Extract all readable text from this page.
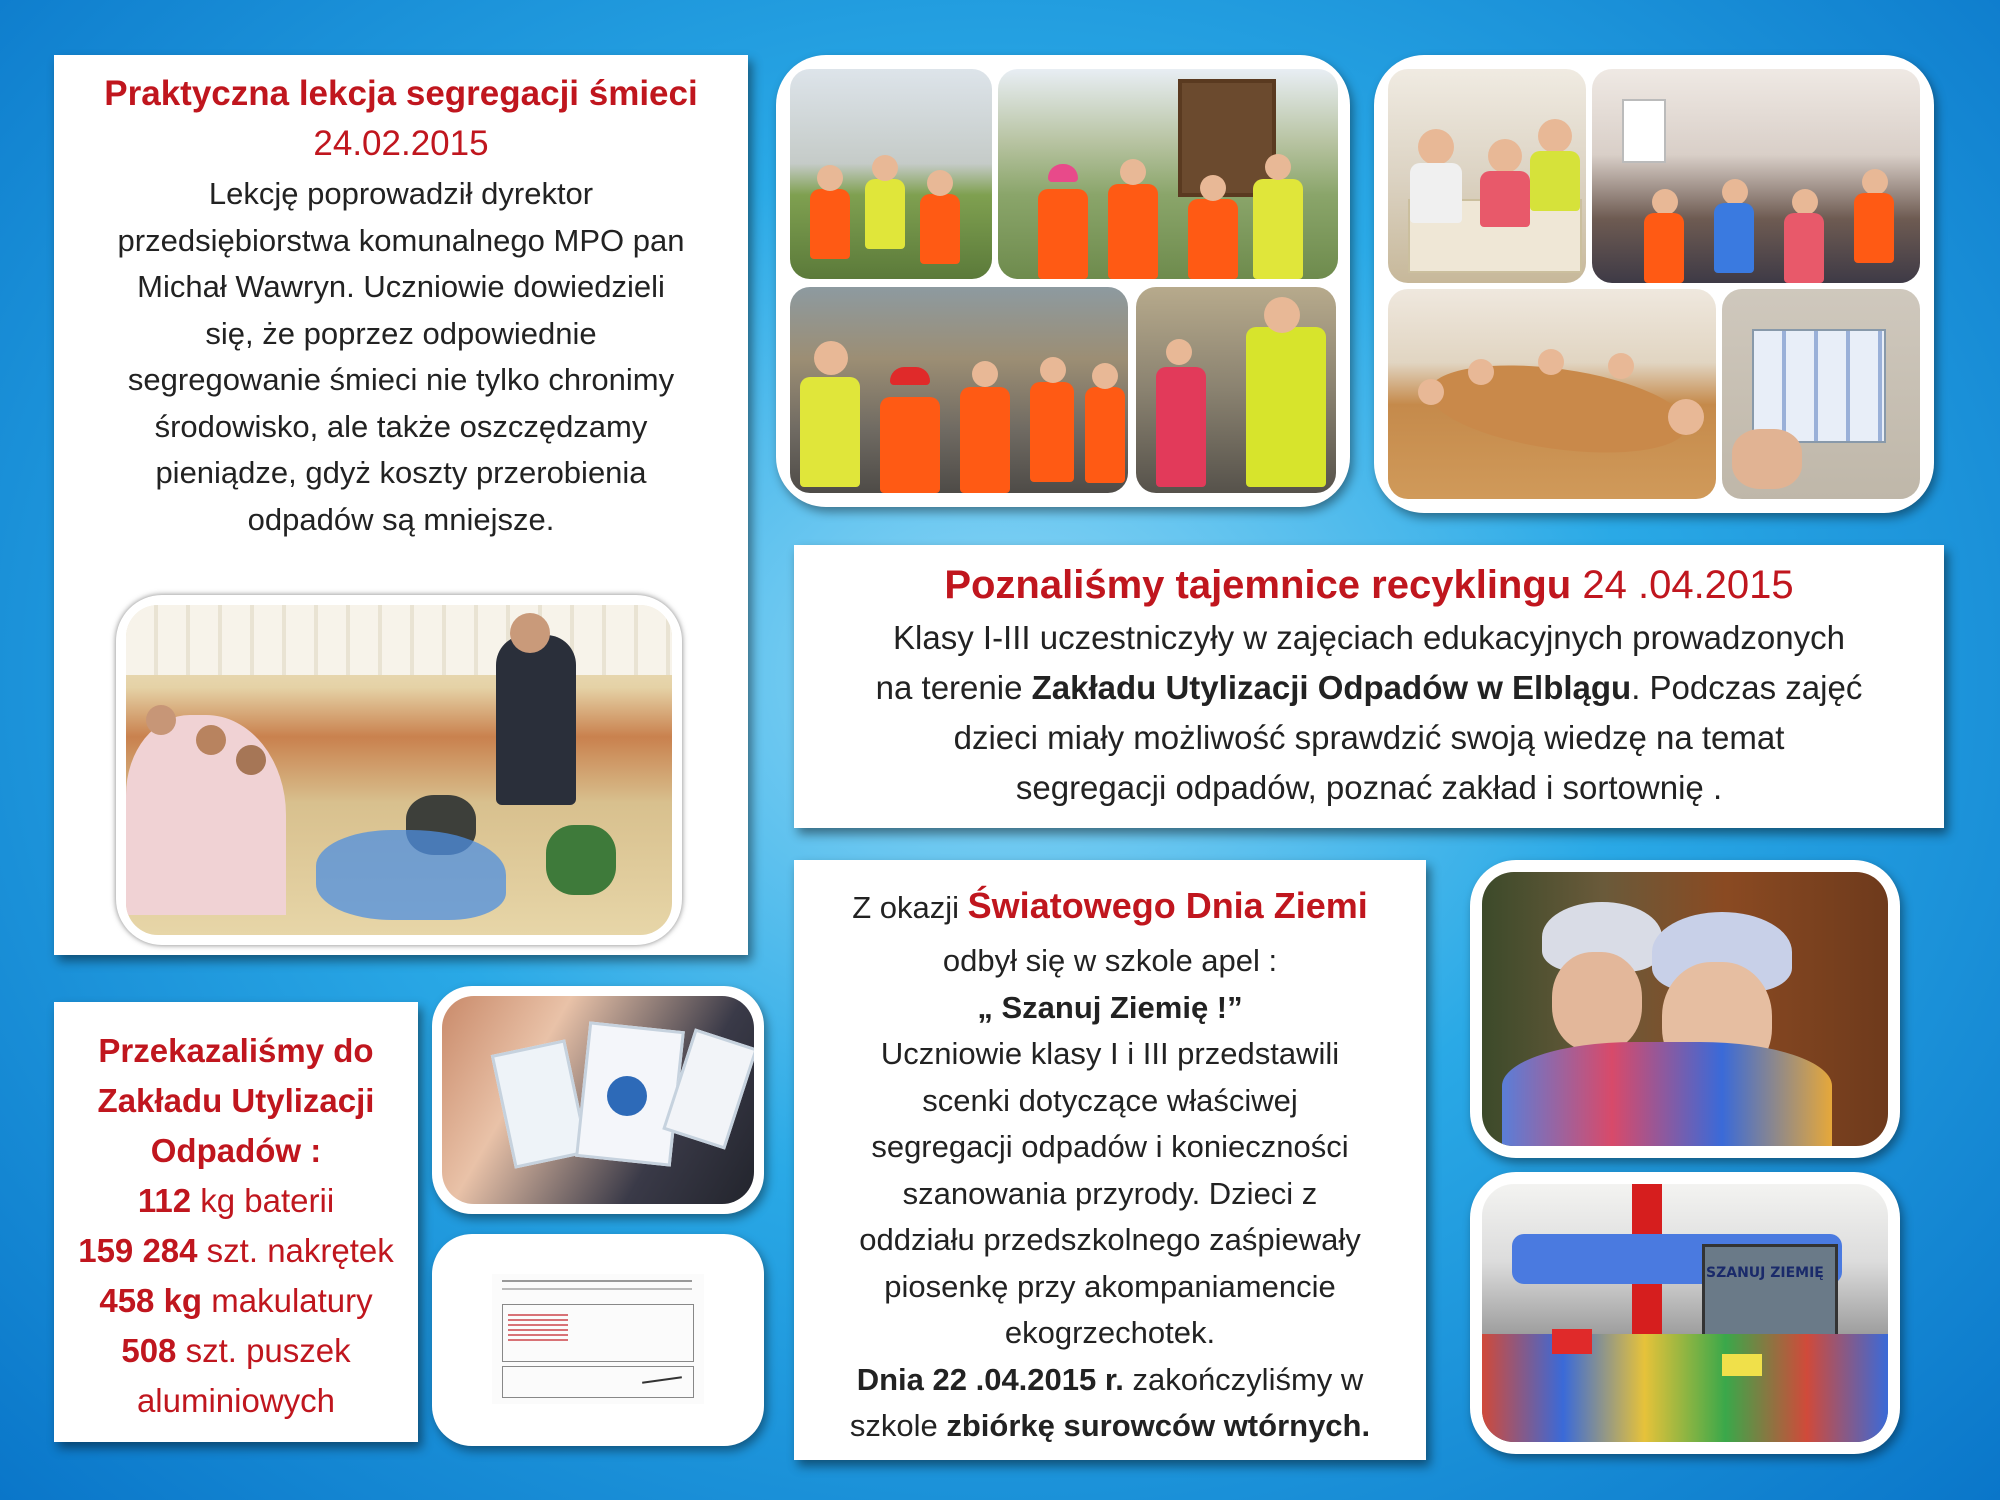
Praktyczna lekcja segregacji śmieci
24.02.2015
Lekcję poprowadził dyrektor
przedsiębiorstwa komunalnego MPO pan
Michał Wawryn. Uczniowie dowiedzieli
się, że poprzez odpowiednie
segregowanie śmieci nie tylko chronimy
środowisko, ale także oszczędzamy
pieniądze, gdyż koszty przerobienia
odpadów są mniejsze.
Poznaliśmy tajemnice recyklingu 24 .04.2015
Klasy I-III uczestniczyły w zajęciach edukacyjnych prowadzonych
na terenie Zakładu Utylizacji Odpadów w Elblągu. Podczas zajęć
dzieci miały możliwość sprawdzić swoją wiedzę na temat
segregacji odpadów, poznać zakład i sortownię .
Przekazaliśmy do
Zakładu Utylizacji
Odpadów :
112 kg baterii
159 284 szt. nakrętek
458 kg makulatury
508 szt. puszek
aluminiowych
Z okazji Światowego Dnia Ziemi
odbył się w szkole apel :
„ Szanuj Ziemię !”
Uczniowie klasy I i III przedstawili
scenki dotyczące właściwej
segregacji odpadów i konieczności
szanowania przyrody. Dzieci z
oddziału przedszkolnego zaśpiewały
piosenkę przy akompaniamencie
ekogrzechotek.
Dnia 22 .04.2015 r. zakończyliśmy w
szkole zbiórkę surowców wtórnych.
SZANUJ ZIEMIĘ
